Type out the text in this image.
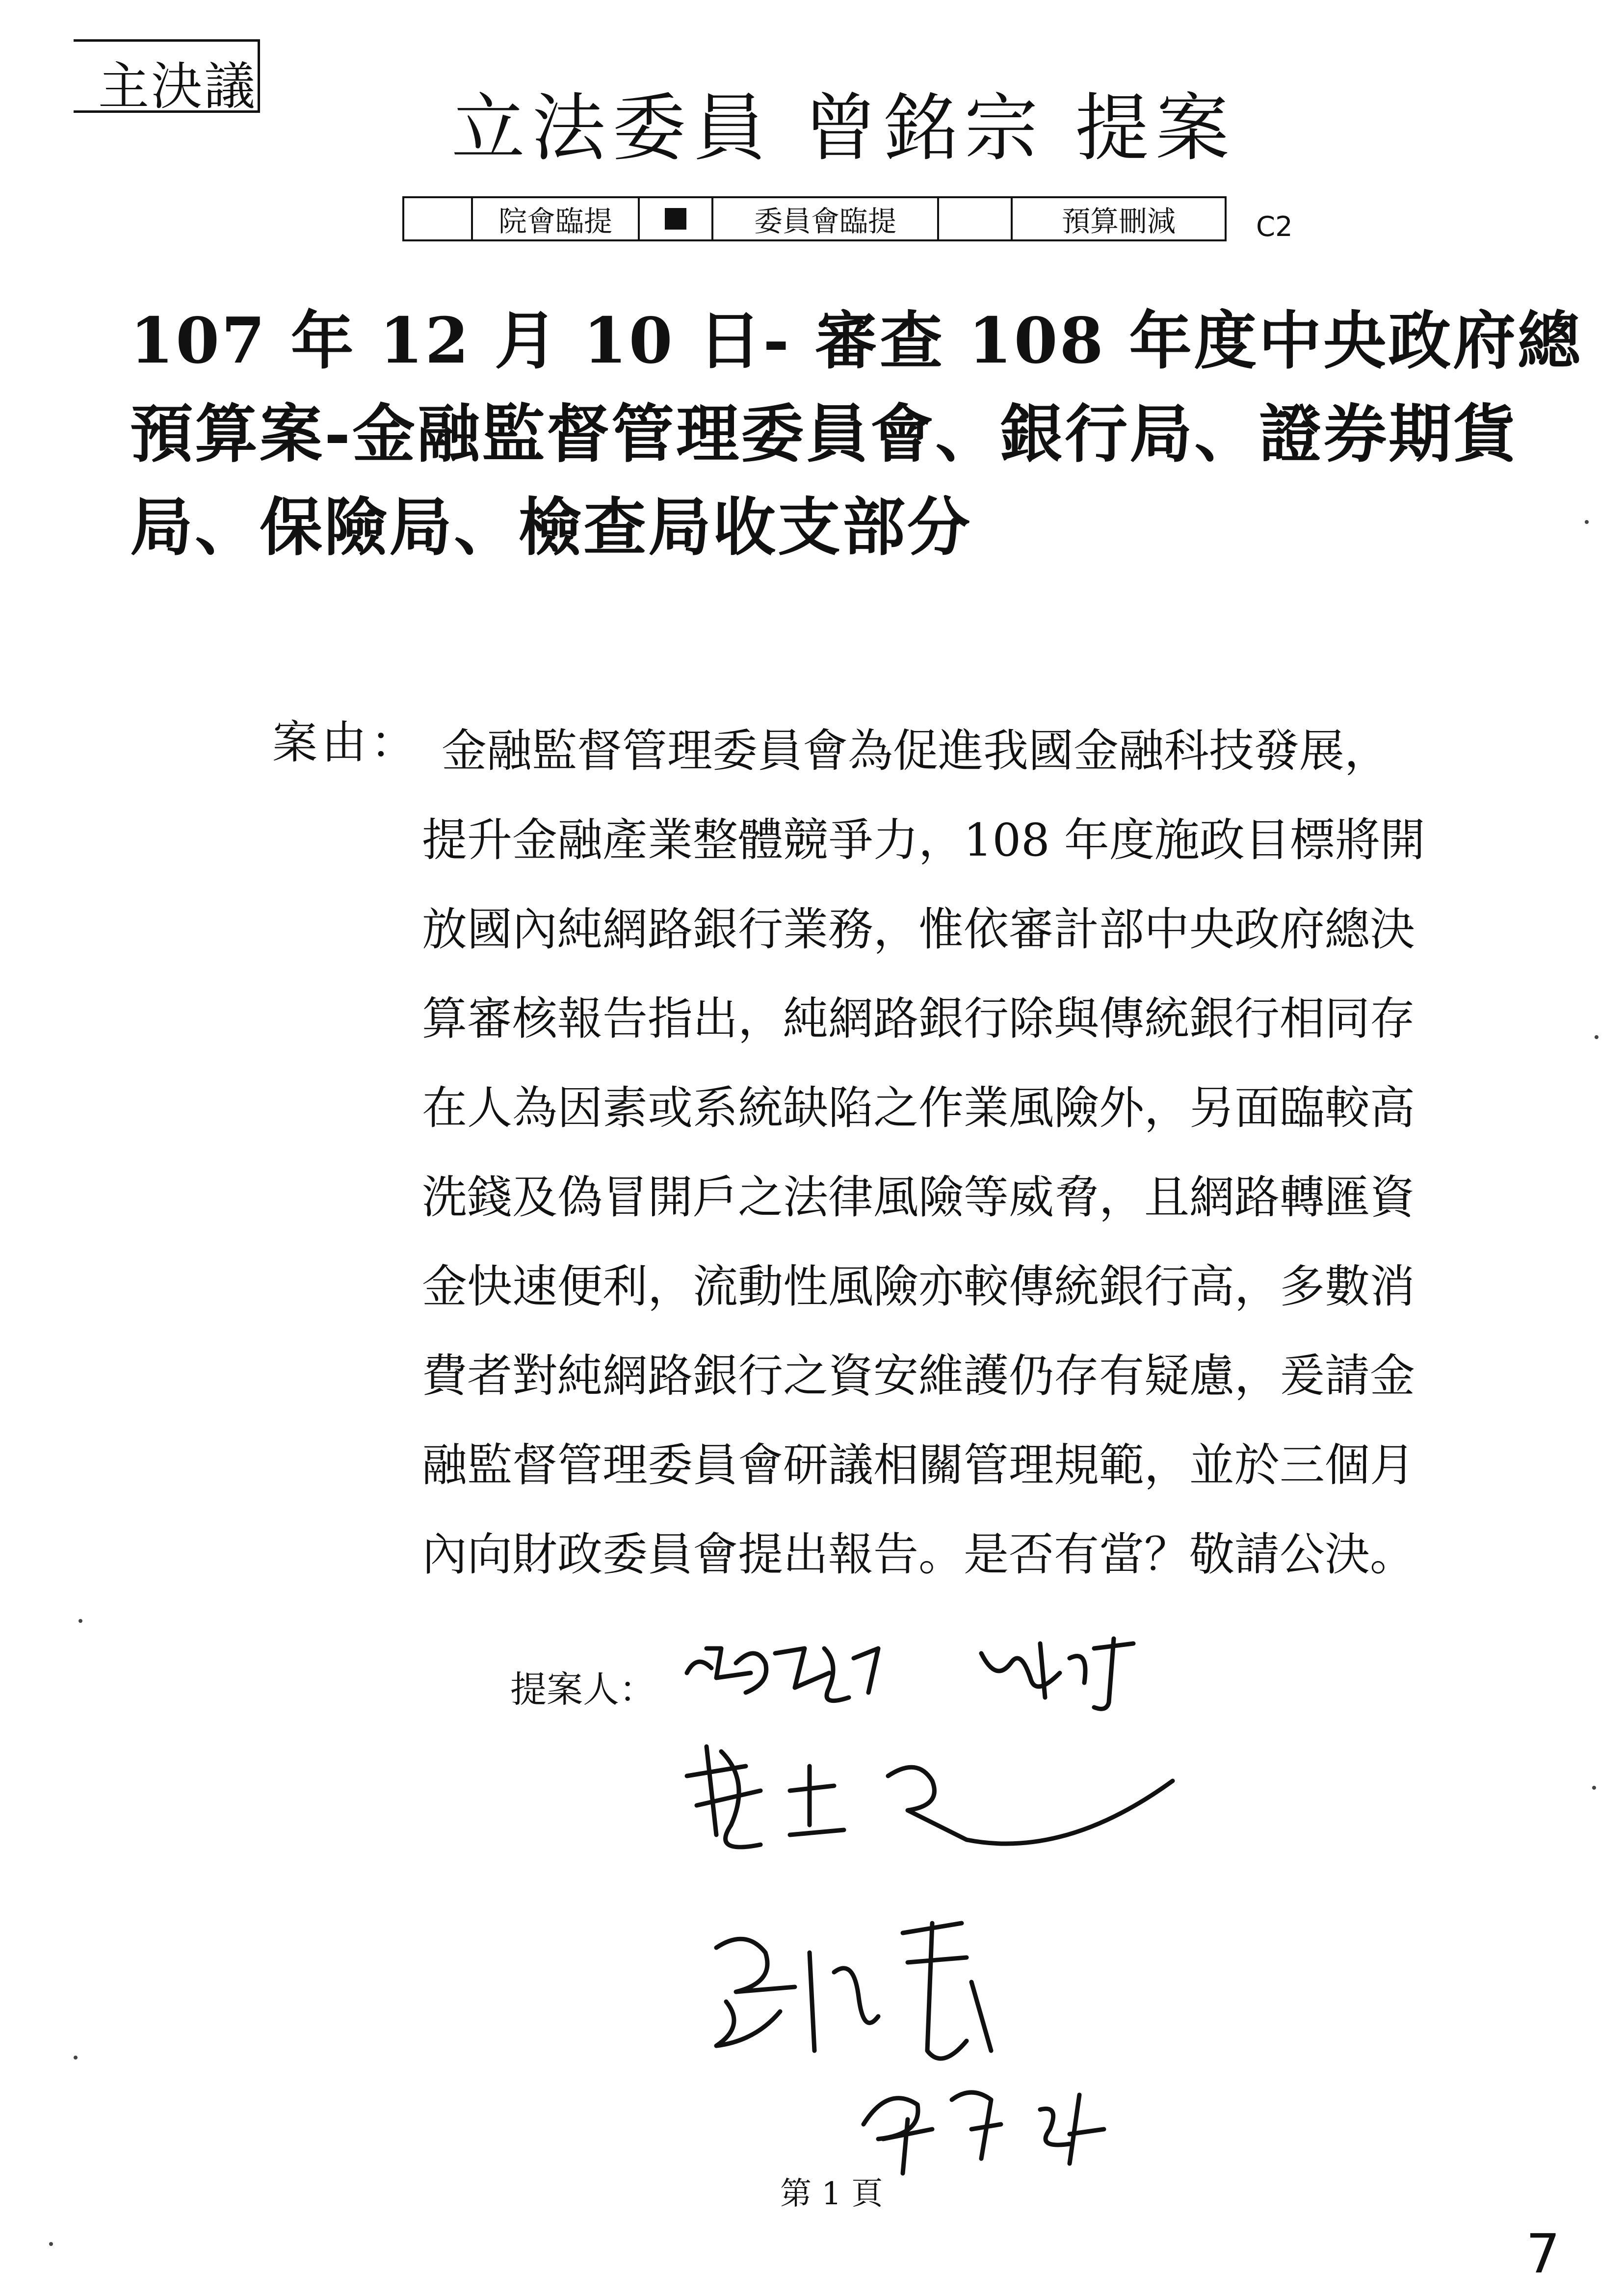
主決議	立法委員 曾銘宗 提案
院會臨提	委員會臨提	預算刪減	C2
107 年 12 月 10 日- 審查 108 年度中央政府總預算案-金融監督管理委員會、銀行局、證券期貨局、保險局、檢查局收支部分
案由： 金融監督管理委員會為促進我國金融科技發展，提升金融產業整體競爭力，108 年度施政目標將開放國內純網路銀行業務，惟依審計部中央政府總決算審核報告指出，純網路銀行除與傳統銀行相同存在人為因素或系統缺陷之作業風險外，另面臨較高洗錢及偽冒開戶之法律風險等威脅，且網路轉匯資金快速便利，流動性風險亦較傳統銀行高，多數消費者對純網路銀行之資安維護仍存有疑慮，爰請金融監督管理委員會研議相關管理規範，並於三個月內向財政委員會提出報告。是否有當？敬請公決。
提案人：
第 1 頁
7
